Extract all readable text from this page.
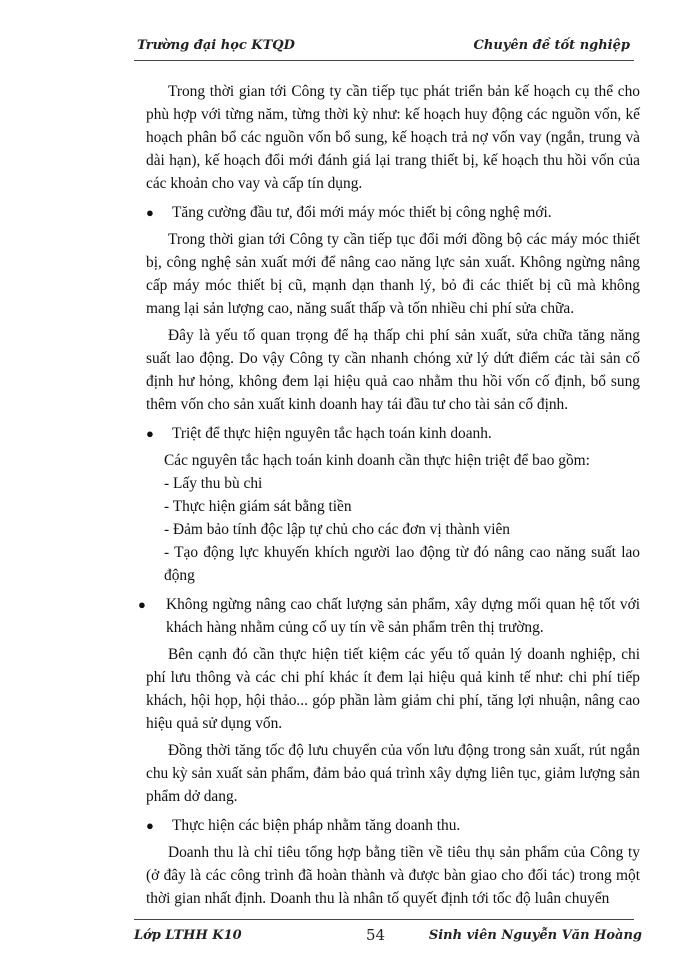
Trường đại học KTQD	Chuyên đề tốt nghiệp

Trong thời gian tới Công ty cần tiếp tục phát triển bản kế hoạch cụ thể cho phù hợp với từng năm, từng thời kỳ như: kế hoạch huy động các nguồn vốn, kế hoạch phân bổ các nguồn vốn bổ sung, kế hoạch trả nợ vốn vay (ngắn, trung và dài hạn), kế hoạch đổi mới đánh giá lại trang thiết bị, kế hoạch thu hồi vốn của các khoản cho vay và cấp tín dụng.

● Tăng cường đầu tư, đổi mới máy móc thiết bị công nghệ mới.

Trong thời gian tới Công ty cần tiếp tục đổi mới đồng bộ các máy móc thiết bị, công nghệ sản xuất mới để nâng cao năng lực sản xuất. Không ngừng nâng cấp máy móc thiết bị cũ, mạnh dạn thanh lý, bỏ đi các thiết bị cũ mà không mang lại sản lượng cao, năng suất thấp và tốn nhiều chi phí sửa chữa.

Đây là yếu tố quan trọng để hạ thấp chi phí sản xuất, sửa chữa tăng năng suất lao động. Do vậy Công ty cần nhanh chóng xử lý dứt điểm các tài sản cố định hư hỏng, không đem lại hiệu quả cao nhằm thu hồi vốn cố định, bổ sung thêm vốn cho sản xuất kinh doanh hay tái đầu tư cho tài sản cố định.

● Triệt để thực hiện nguyên tắc hạch toán kinh doanh.

Các nguyên tắc hạch toán kinh doanh cần thực hiện triệt để bao gồm:

- Lấy thu bù chi

- Thực hiện giám sát bằng tiền

- Đảm bảo tính độc lập tự chủ cho các đơn vị thành viên

- Tạo động lực khuyến khích người lao động từ đó nâng cao năng suất lao động

● Không ngừng nâng cao chất lượng sản phẩm, xây dựng mối quan hệ tốt với khách hàng nhằm củng cố uy tín về sản phẩm trên thị trường.

Bên cạnh đó cần thực hiện tiết kiệm các yếu tố quản lý doanh nghiệp, chi phí lưu thông và các chi phí khác ít đem lại hiệu quả kinh tế như: chi phí tiếp khách, hội họp, hội thảo... góp phần làm giảm chi phí, tăng lợi nhuận, nâng cao hiệu quả sử dụng vốn.

Đồng thời tăng tốc độ lưu chuyển của vốn lưu động trong sản xuất, rút ngắn chu kỳ sản xuất sản phẩm, đảm bảo quá trình xây dựng liên tục, giảm lượng sản phẩm dở dang.

● Thực hiện các biện pháp nhằm tăng doanh thu.

Doanh thu là chỉ tiêu tổng hợp bằng tiền về tiêu thụ sản phẩm của Công ty (ở đây là các công trình đã hoàn thành và được bàn giao cho đối tác) trong một thời gian nhất định. Doanh thu là nhân tố quyết định tới tốc độ luân chuyển

Lớp LTHH K10	54	Sinh viên Nguyễn Văn Hoàng
